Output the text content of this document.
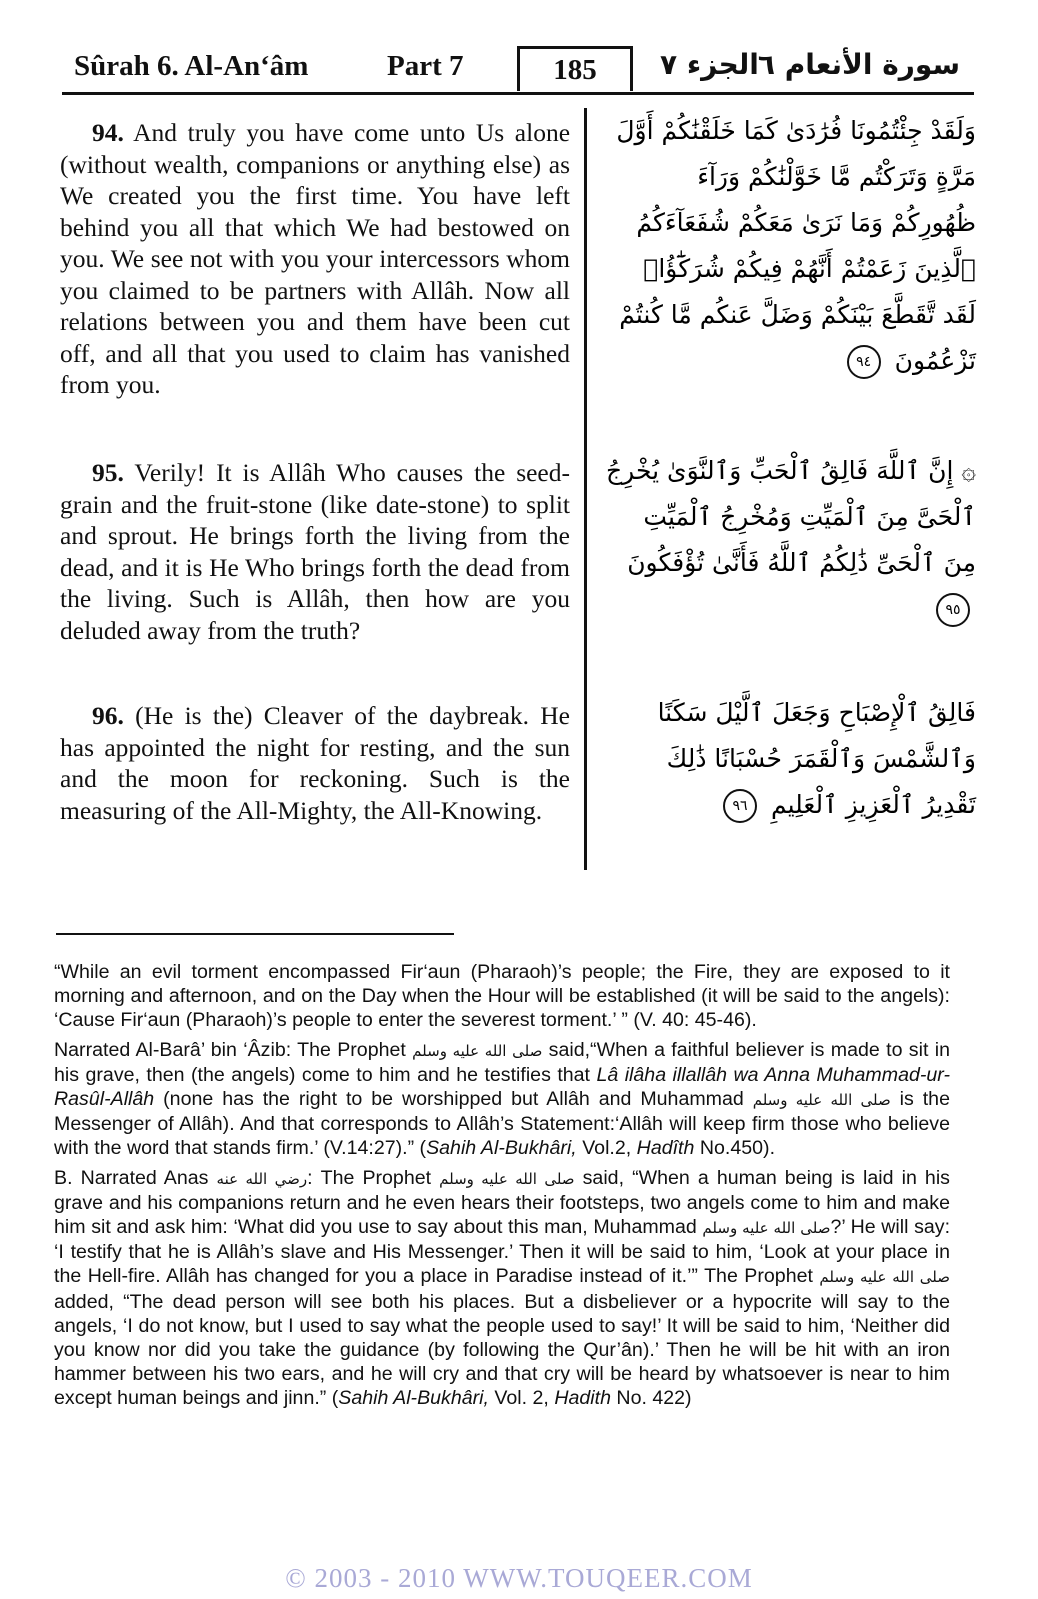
Sûrah 6. Al-An‘âm	Part 7	185	الجزء ٧
سورة الأنعام ٦
94. And truly you have come unto Us alone (without wealth, companions or anything else) as We created you the first time. You have left behind you all that which We had bestowed on you. We see not with you your intercessors whom you claimed to be partners with Allâh. Now all relations between you and them have been cut off, and all that you used to claim has vanished from you.
95. Verily! It is Allâh Who causes the seed-grain and the fruit-stone (like date-stone) to split and sprout. He brings forth the living from the dead, and it is He Who brings forth the dead from the living. Such is Allâh, then how are you deluded away from the truth?
96. (He is the) Cleaver of the daybreak. He has appointed the night for resting, and the sun and the moon for reckoning. Such is the measuring of the All-Mighty, the All-Knowing.
وَلَقَدْ جِئْتُمُونَا فُرَٰدَىٰ كَمَا خَلَقْنَٰكُمْ أَوَّلَ مَرَّةٍ وَتَرَكْتُم مَّا خَوَّلْنَٰكُمْ وَرَآءَ ظُهُورِكُمْ وَمَا نَرَىٰ مَعَكُمْ شُفَعَآءَكُمُ ٱلَّذِينَ زَعَمْتُمْ أَنَّهُمْ فِيكُمْ شُرَكَٰٓؤُا۟ لَقَد تَّقَطَّعَ بَيْنَكُمْ وَضَلَّ عَنكُم مَّا كُنتُمْ تَزْعُمُونَ ٩٤
۞ إِنَّ ٱللَّهَ فَالِقُ ٱلْحَبِّ وَٱلنَّوَىٰ يُخْرِجُ ٱلْحَىَّ مِنَ ٱلْمَيِّتِ وَمُخْرِجُ ٱلْمَيِّتِ مِنَ ٱلْحَىِّ ذَٰلِكُمُ ٱللَّهُ فَأَنَّىٰ تُؤْفَكُونَ ٩٥
فَالِقُ ٱلْإِصْبَاحِ وَجَعَلَ ٱلَّيْلَ سَكَنًا وَٱلشَّمْسَ وَٱلْقَمَرَ حُسْبَانًا ذَٰلِكَ تَقْدِيرُ ٱلْعَزِيزِ ٱلْعَلِيمِ ٩٦

“While an evil torment encompassed Fir‘aun (Pharaoh)’s people; the Fire, they are exposed to it morning and afternoon, and on the Day when the Hour will be established (it will be said to the angels): ‘Cause Fir‘aun (Pharaoh)’s people to enter the severest torment.’ ” (V. 40: 45-46).

Narrated Al-Barâ’ bin ‘Âzib: The Prophet صلى الله عليه وسلم said,“When a faithful believer is made to sit in his grave, then (the angels) come to him and he testifies that Lâ ilâha illallâh wa Anna Muhammad-ur-Rasûl-Allâh (none has the right to be worshipped but Allâh and Muhammad صلى الله عليه وسلم is the Messenger of Allâh). And that corresponds to Allâh’s Statement:‘Allâh will keep firm those who believe with the word that stands firm.’ (V.14:27).” (Sahih Al-Bukhâri, Vol.2, Hadîth No.450).

B. Narrated Anas رضي الله عنه: The Prophet صلى الله عليه وسلم said, “When a human being is laid in his grave and his companions return and he even hears their footsteps, two angels come to him and make him sit and ask him: ‘What did you use to say about this man, Muhammad صلى الله عليه وسلم?’ He will say: ‘I testify that he is Allâh’s slave and His Messenger.’ Then it will be said to him, ‘Look at your place in the Hell-fire. Allâh has changed for you a place in Paradise instead of it.’” The Prophet صلى الله عليه وسلم added, “The dead person will see both his places. But a disbeliever or a hypocrite will say to the angels, ‘I do not know, but I used to say what the people used to say!’ It will be said to him, ‘Neither did you know nor did you take the guidance (by following the Qur’ân).’ Then he will be hit with an iron hammer between his two ears, and he will cry and that cry will be heard by whatsoever is near to him except human beings and jinn.” (Sahih Al-Bukhâri, Vol. 2, Hadith No. 422)

© 2003 - 2010 WWW.TOUQEER.COM
